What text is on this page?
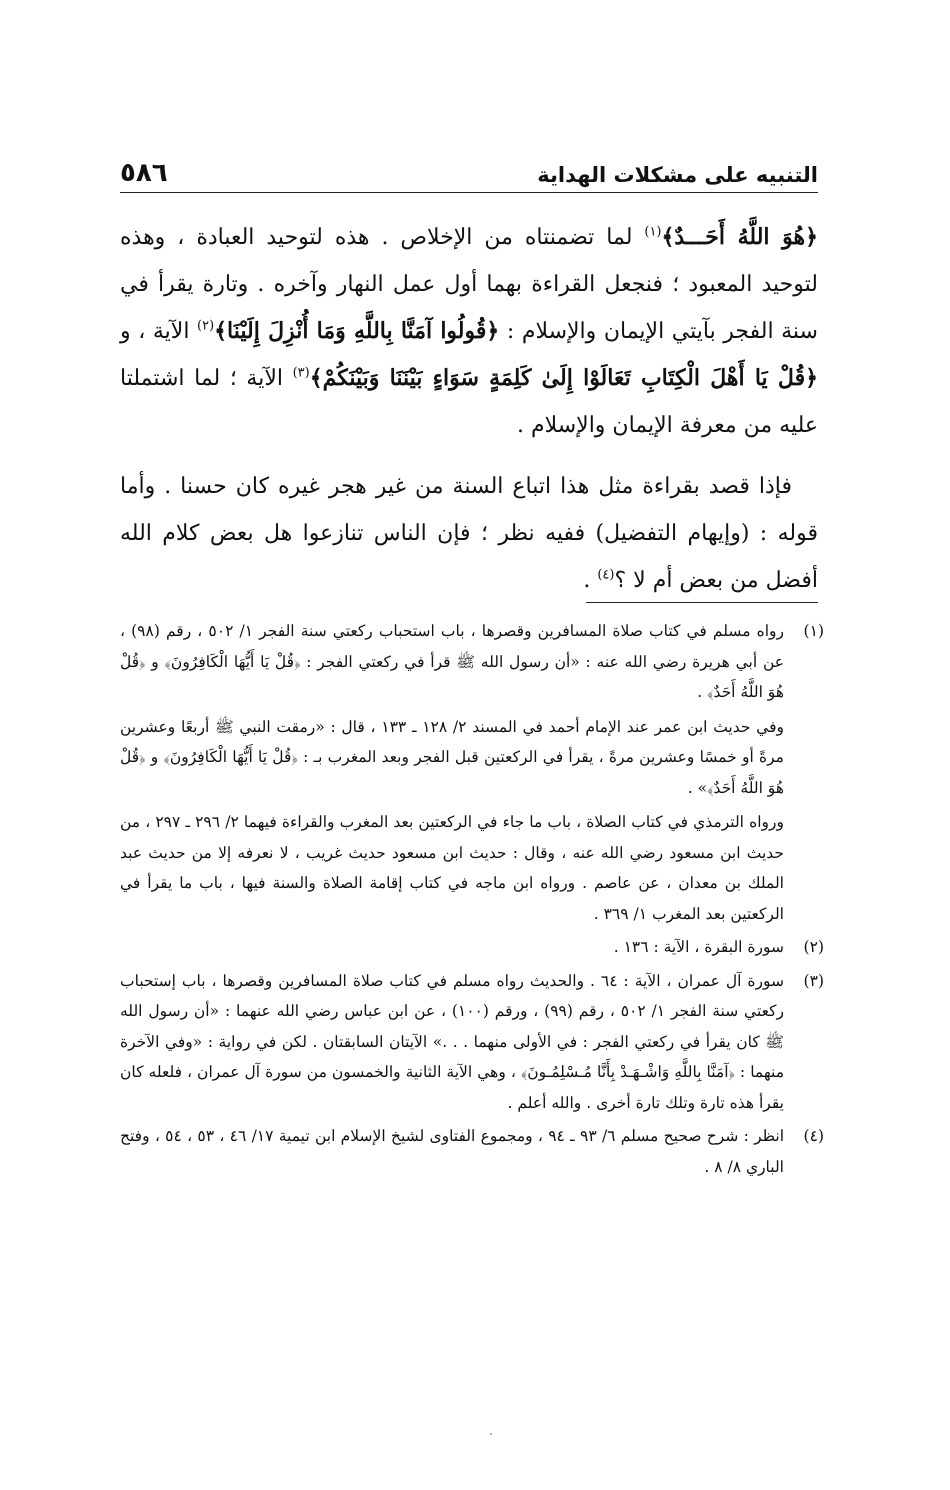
التنبيه على مشكلات الهداية
٥٨٦

﴿هُوَ اللَّهُ أَحَـــدٌ﴾$^{(١)}$ لما تضمنتاه من الإخلاص . هذه لتوحيد العبادة ، وهذه لتوحيد المعبود ؛ فنجعل القراءة بهما أول عمل النهار وآخره . وتارة يقرأ في سنة الفجر بآيتي الإيمان والإسلام : ﴿قُولُوا آمَنَّا بِاللَّهِ وَمَا أُنْزِلَ إِلَيْنَا﴾$^{(٢)}$ الآية ، و ﴿قُلْ يَا أَهْلَ الْكِتَابِ تَعَالَوْا إِلَىٰ كَلِمَةٍ سَوَاءٍ بَيْنَنَا وَبَيْنَكُمْ﴾$^{(٣)}$ الآية ؛ لما اشتملتا عليه من معرفة الإيمان والإسلام .

فإذا قصد بقراءة مثل هذا اتباع السنة من غير هجر غيره كان حسنا . وأما قوله : (وإيهام التفضيل) ففيه نظر ؛ فإن الناس تنازعوا هل بعض كلام الله أفضل من بعض أم لا ؟$^{(٤)}$ .

(١)

رواه مسلم في كتاب صلاة المسافرين وقصرها ، باب استحباب ركعتي سنة الفجر ١/ ٥٠٢ ، رقم (٩٨) ، عن أبي هريرة رضي الله عنه : «أن رسول الله ﷺ قرأ في ركعتي الفجر : ﴿قُلْ يَا أَيُّهَا الْكَافِرُونَ﴾ و ﴿قُلْ هُوَ اللَّهُ أَحَدٌ﴾ .

وفي حديث ابن عمر عند الإمام أحمد في المسند ٢/ ١٢٨ ـ ١٣٣ ، قال : «رمقت النبي ﷺ أربعًا وعشرين مرةً أو خمسًا وعشرين مرةً ، يقرأ في الركعتين قبل الفجر وبعد المغرب بـ : ﴿قُلْ يَا أَيُّهَا الْكَافِرُونَ﴾ و ﴿قُلْ هُوَ اللَّهُ أَحَدٌ﴾» .

ورواه الترمذي في كتاب الصلاة ، باب ما جاء في الركعتين بعد المغرب والقراءة فيهما ٢/ ٢٩٦ ـ ٢٩٧ ، من حديث ابن مسعود رضي الله عنه ، وقال : حديث ابن مسعود حديث غريب ، لا نعرفه إلا من حديث عبد الملك بن معدان ، عن عاصم . ورواه ابن ماجه في كتاب إقامة الصلاة والسنة فيها ، باب ما يقرأ في الركعتين بعد المغرب ١/ ٣٦٩ .

(٢)

سورة البقرة ، الآية : ١٣٦ .

(٣)

سورة آل عمران ، الآية : ٦٤ . والحديث رواه مسلم في كتاب صلاة المسافرين وقصرها ، باب إستحباب ركعتي سنة الفجر ١/ ٥٠٢ ، رقم (٩٩) ، ورقم (١٠٠) ، عن ابن عباس رضي الله عنهما : «أن رسول الله ﷺ كان يقرأ في ركعتي الفجر : في الأولى منهما . . .» الآيتان السابقتان . لكن في رواية : «وفي الآخرة منهما : ﴿آمَنَّا بِاللَّهِ وَاشْـهَـدْ بِأَنَّا مُـسْلِمُـونَ﴾ ، وهي الآية الثانية والخمسون من سورة آل عمران ، فلعله كان يقرأ هذه تارة وتلك تارة أخرى . والله أعلم .

(٤)

انظر : شرح صحيح مسلم ٦/ ٩٣ ـ ٩٤ ، ومجموع الفتاوى لشيخ الإسلام ابن تيمية ١٧/ ٤٦ ، ٥٣ ، ٥٤ ، وفتح الباري ٨/ ٨ .
